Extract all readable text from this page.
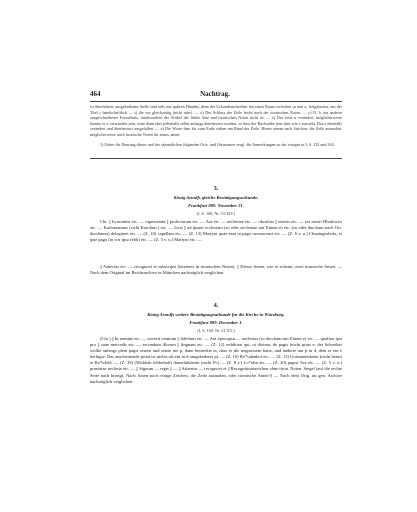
464	Nachtrag.
ist überführen; ausgehobenen Stelle sind teils aus spätren Händen, denn der Urkundenschreiber hat einen Raum zwischen sa und u, freigelassen, um der Titel c handschriftlich — s) die vor gleichzeitig (nicht sehr). — x) Der Schluss der Zeile leicht nach der tironischen Noten. — y) D. h. ein anderer ausgeschriebener Formelsatz, insbesondere der Artikel der fünfte Satz und tironischen Noten nicht ist. — z) Das erste u verändert, möglicherweise könnte es e verstanden sein, wäre dann aber jedenfalls selbst anfangs überbessert worden, so dass der Buchstabe jetzt aber wie e aussieht. Das a ebenfalls verändert und überbessert ausgefallen. — z) Die Worte dem bis zum Ende stehen am Rand der Zeile. Hinter einem nach Strichen, die Zeile ausmalen, möglicherweise auch tironische Noten für amen, amen.
1) Ueber die Deutung dieses und der sämmtlichen folgenden Orts- und Ortsnamen vergl. die Anmerkungen zu der vorigen in I, S. 152 und 163.
3.
König Arnulfs gleiche Bestätigungsurkunde.
Frankfurt 889. November 21.
(I, S. 160, Nr. CLXIV.)
Chr. || In nomine etc. — capessenda || proficturum etc. — Ara etc. — aecleniae etc. — obcultus || eoetris etc. — avi nostri Hludowici etc. — Karlomannus (sicht Karolum.) etc. — locis || ad ipsam ecclesiam (so oder aecleniae mit Einem e) etc. (so oder durcham nach Ort. durchamo) delegimet etc. — (Z. 10) capellam etc. — (Z. 13) Martyni quae eant in pago ruomacensi etc. — (Z. 6 v. u.) Chuningesbofe, et ipse pago (in vor ipso fehlt) etc. — (Z. 3 v. u.) Martyni etc. —
|| Asbertus etc. — recognovi et subscripsi (letzteres in tironischen Noten). || Dieser Amen, wie es scheint, zwei tironische Amen. — Nach dem Original im Reichsarchive in München nachträglich verglichen.
4.
König Arnulfs weitere Bestätigungsurkunde für die Kirche in Würzburg.
Frankfurt 889. December 1.
(I, S. 169, Nr. CLXV.)
(Chr.) || In nomine etc. — noverit omnium || fidelium etc. — Ara episcopus — aeclesias (so durcham mit Einem e) etc. — qualiter ipsi pro || suae mercedis etc. — secundum illorum || lingnam etc. — (Z. 12) reddition qui, ut dixima, de pagis (nicht prius e; der Schreiber wollte anfangs pleni pagis setzen und setzte nie p, dann bemerkte er, dass er die neppsissem hatte, und änderte um p in d, dem er ein e beifügte. Das anscheinende pritat ist nichts als ein in d umgeänderes p). — (Z. 10) Ro*udenhof etc. — (Z. 13) Uuistantenheim (nicht heim) et Ro*nfeld. — (Z. 19) (Wirkbab fehlerhaft) dranelinbheim (nicht Pr.) — (Z. 8 v.) Lo*idin etc. — (Z. 20) prgesi Ara etc. — (Z. 5 v. u.) praefatae aeclesie etc. — || Signum — regis || — || Asbertus — recognovi et || Recognitionszeichen ohne tiron. Noten. Siegel (auf die rechte Seite nach hiring). Nach Amen noch einige Zeichen, die Zeile ausmalen, oder tironische Amen?) — Nach dem Orig. im gen. Archive nachträglich verglichen.
